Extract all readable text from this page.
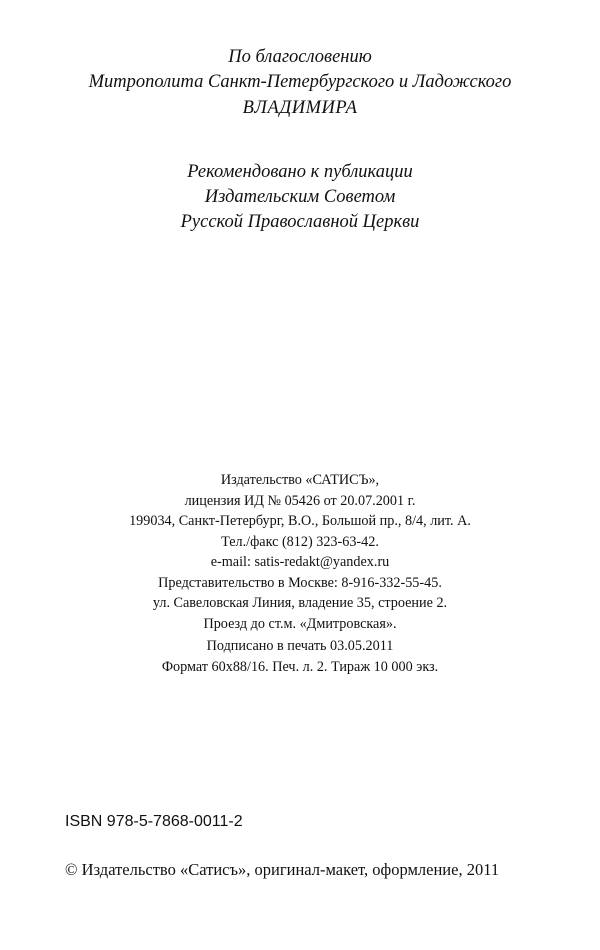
По благословению
Митрополита Санкт-Петербургского и Ладожского
ВЛАДИМИРА
Рекомендовано к публикации
Издательским Советом
Русской Православной Церкви
Издательство «САТИСЪ»,
лицензия ИД № 05426 от 20.07.2001 г.
199034, Санкт-Петербург, В.О., Большой пр., 8/4, лит. А.
Тел./факс (812) 323-63-42.
e-mail: satis-redakt@yandex.ru
Представительство в Москве: 8-916-332-55-45.
ул. Савеловская Линия, владение 35, строение 2.
Проезд до ст.м. «Дмитровская».
Подписано в печать 03.05.2011
Формат 60x88/16. Печ. л. 2. Тираж 10 000 экз.
ISBN 978-5-7868-0011-2
© Издательство «Сатисъ», оригинал-макет, оформление, 2011
